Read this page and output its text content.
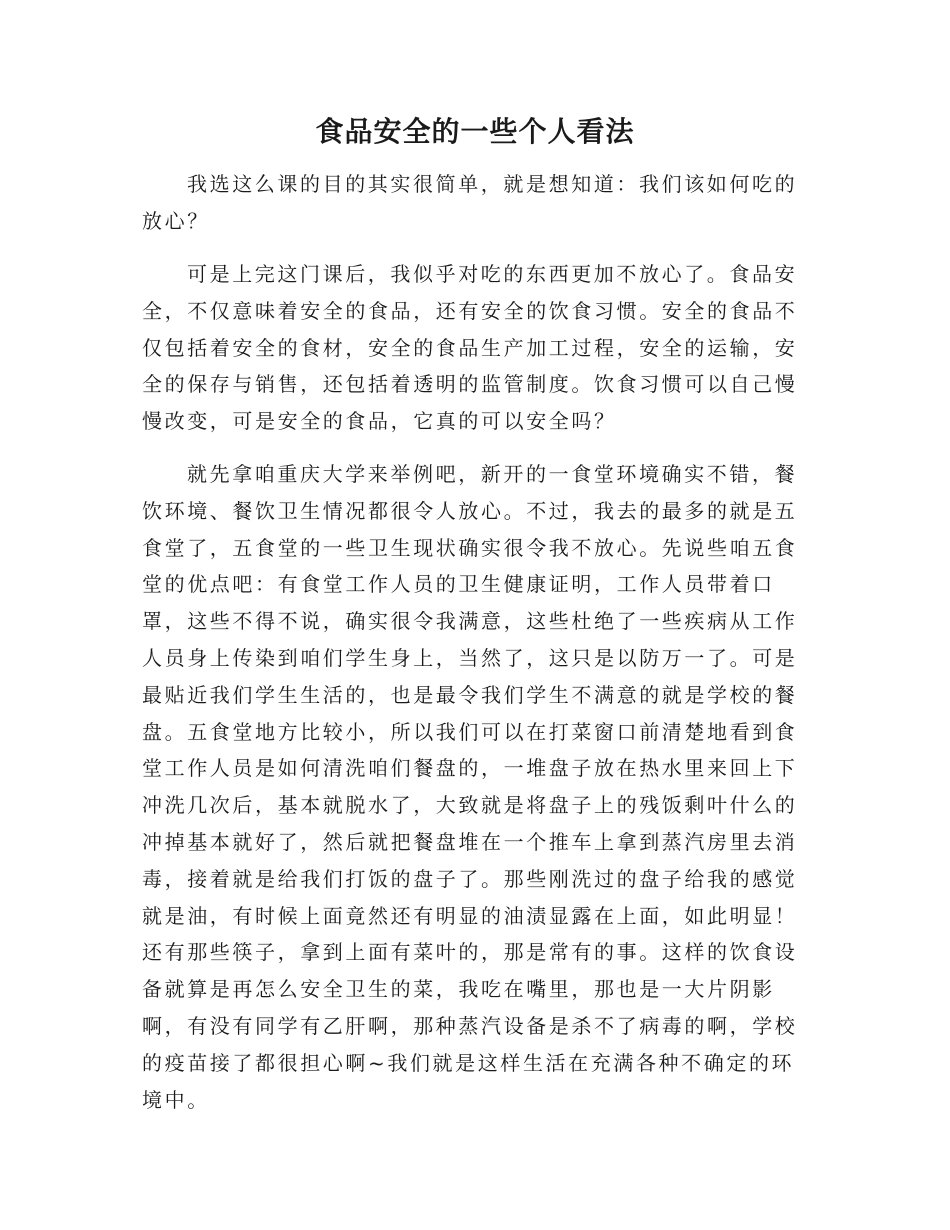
食品安全的一些个人看法

我选这么课的目的其实很简单，就是想知道：我们该如何吃的放心？

可是上完这门课后，我似乎对吃的东西更加不放心了。食品安全，不仅意味着安全的食品，还有安全的饮食习惯。安全的食品不仅包括着安全的食材，安全的食品生产加工过程，安全的运输，安全的保存与销售，还包括着透明的监管制度。饮食习惯可以自己慢慢改变，可是安全的食品，它真的可以安全吗？

就先拿咱重庆大学来举例吧，新开的一食堂环境确实不错，餐饮环境、餐饮卫生情况都很令人放心。不过，我去的最多的就是五食堂了，五食堂的一些卫生现状确实很令我不放心。先说些咱五食堂的优点吧：有食堂工作人员的卫生健康证明，工作人员带着口罩，这些不得不说，确实很令我满意，这些杜绝了一些疾病从工作人员身上传染到咱们学生身上，当然了，这只是以防万一了。可是最贴近我们学生生活的，也是最令我们学生不满意的就是学校的餐盘。五食堂地方比较小，所以我们可以在打菜窗口前清楚地看到食堂工作人员是如何清洗咱们餐盘的，一堆盘子放在热水里来回上下冲洗几次后，基本就脱水了，大致就是将盘子上的残饭剩叶什么的冲掉基本就好了，然后就把餐盘堆在一个推车上拿到蒸汽房里去消毒，接着就是给我们打饭的盘子了。那些刚洗过的盘子给我的感觉就是油，有时候上面竟然还有明显的油渍显露在上面，如此明显！还有那些筷子，拿到上面有菜叶的，那是常有的事。这样的饮食设备就算是再怎么安全卫生的菜，我吃在嘴里，那也是一大片阴影啊，有没有同学有乙肝啊，那种蒸汽设备是杀不了病毒的啊，学校的疫苗接了都很担心啊~我们就是这样生活在充满各种不确定的环境中。
